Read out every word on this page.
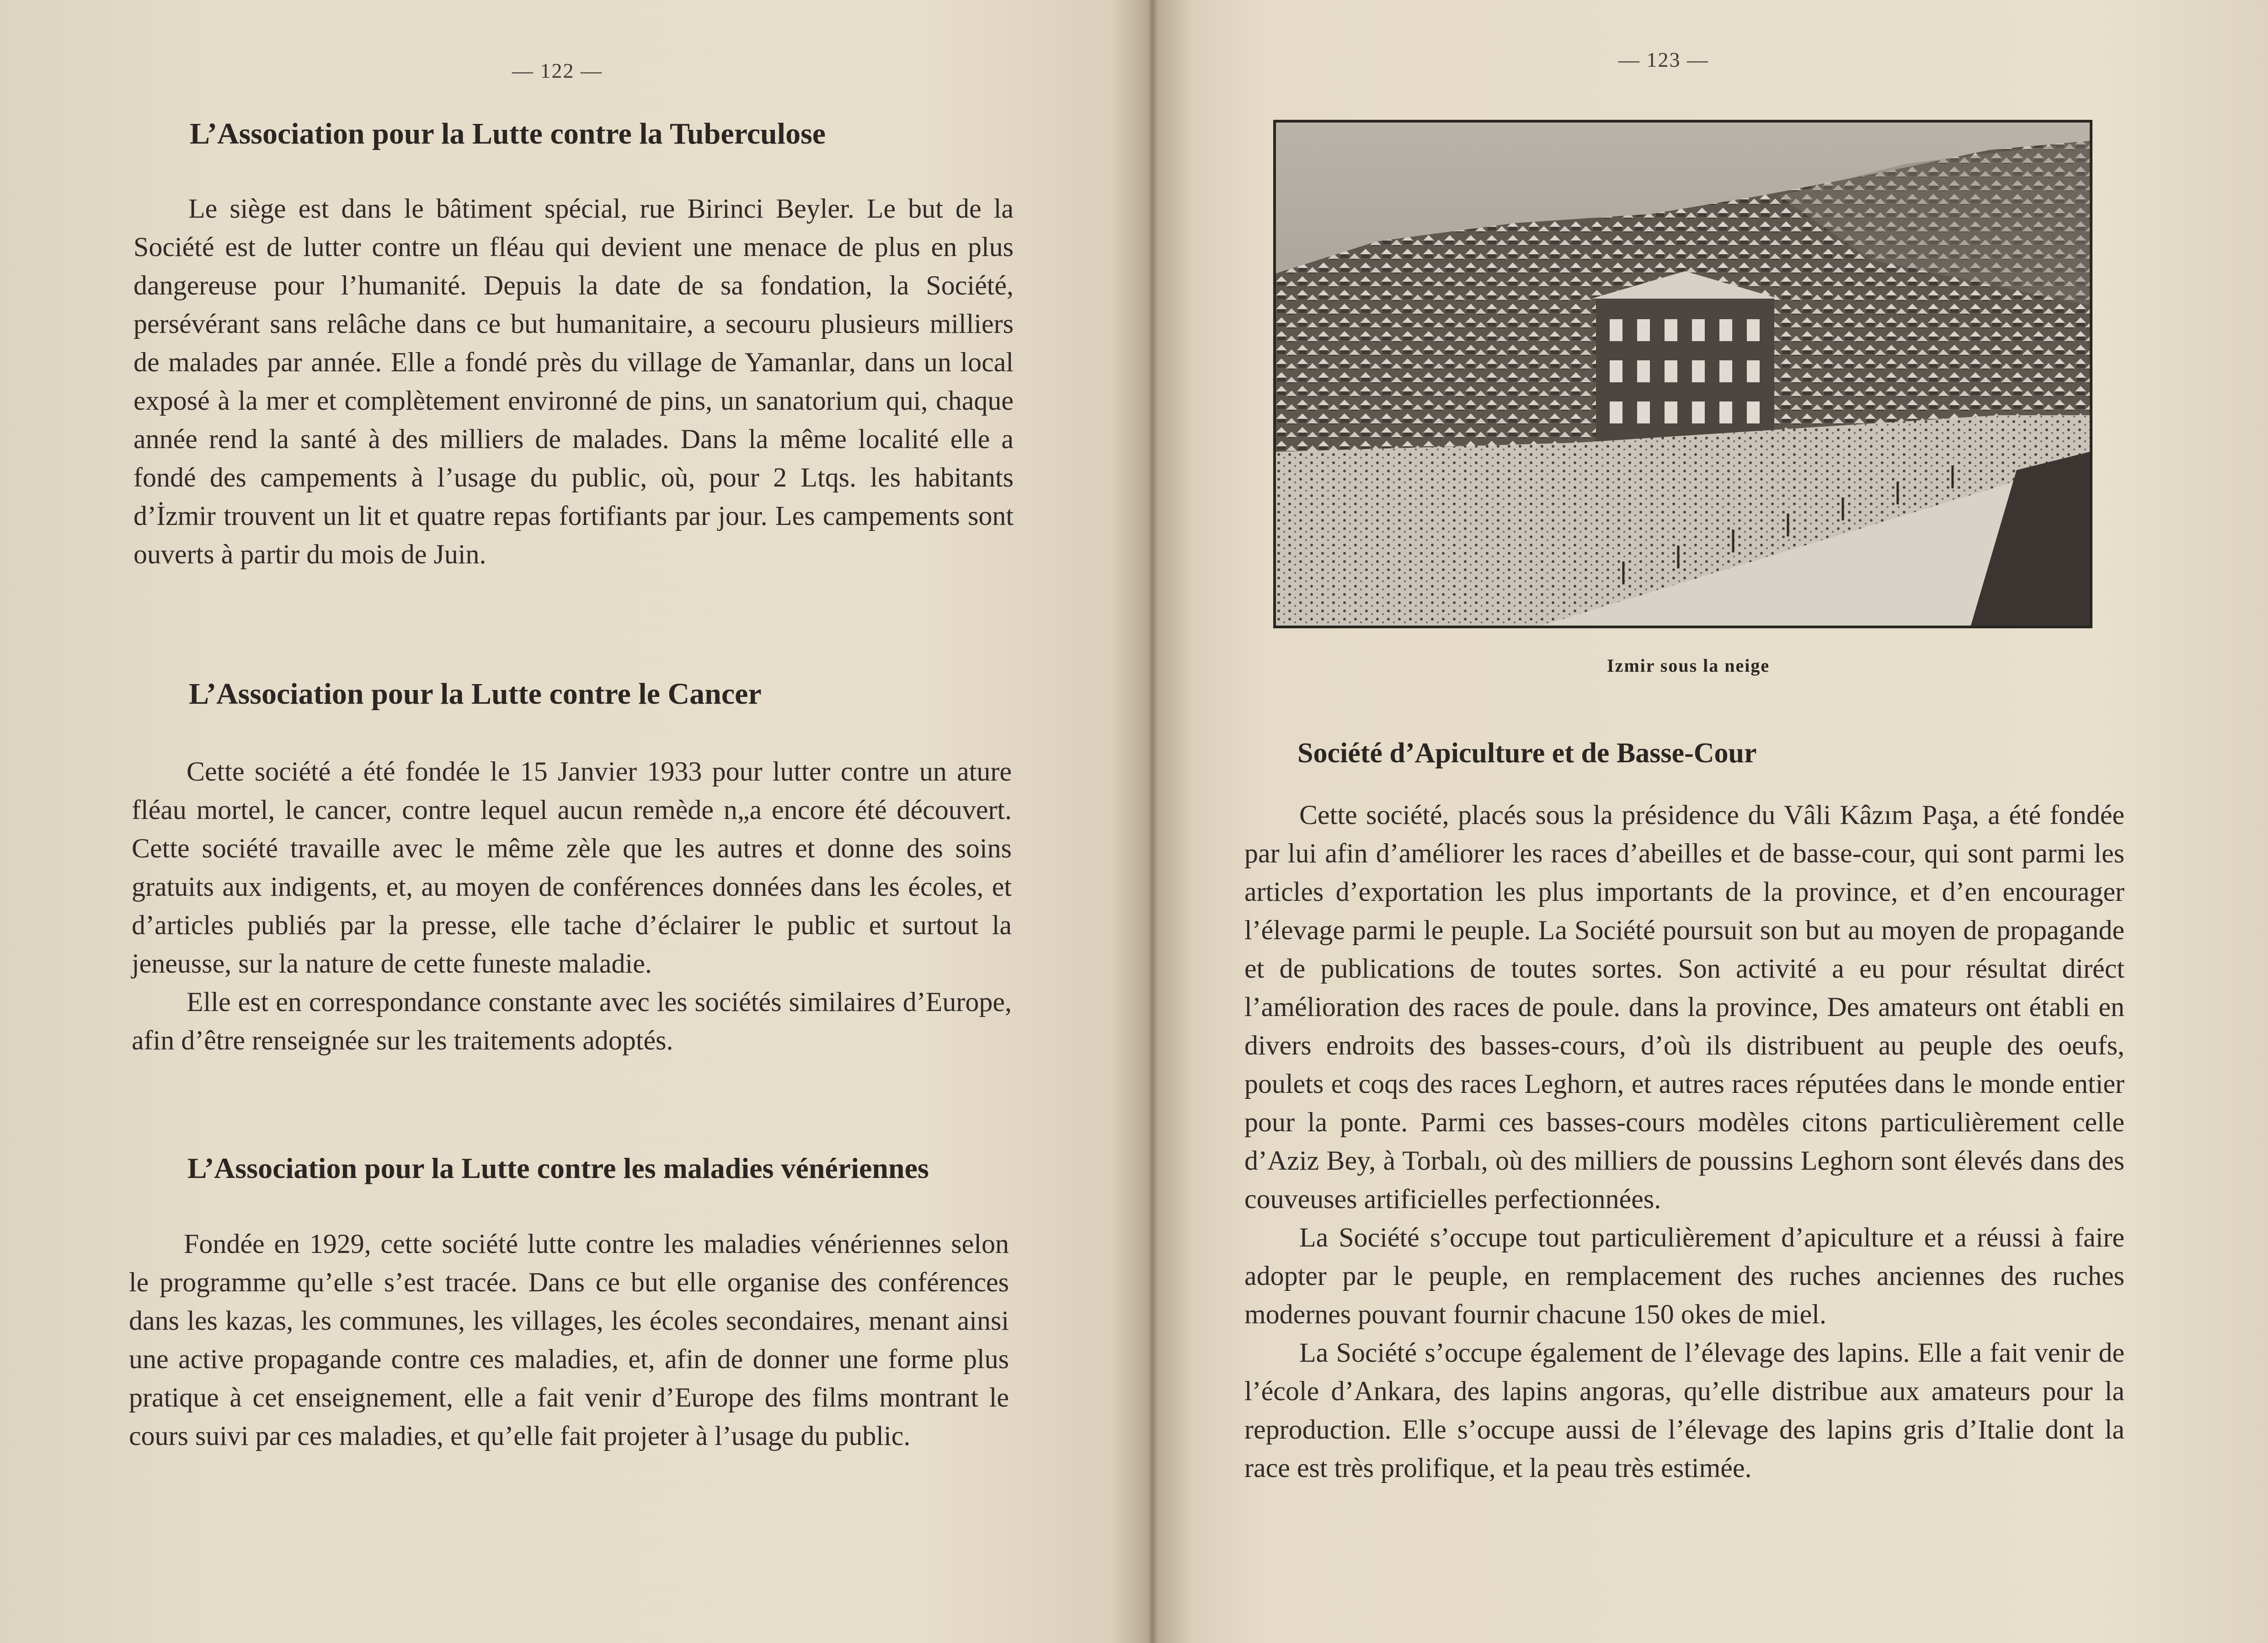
— 122 —
L’Association pour la Lutte contre la Tuberculose

Le siège est dans le bâtiment spécial, rue Birinci Beyler. Le but de la Société est de lutter contre un fléau qui devient une menace de plus en plus dangereuse pour l’humanité. Depuis la date de sa fondation, la Société, persévérant sans relâche dans ce but humanitaire, a secouru plusieurs milliers de malades par année. Elle a fondé près du village de Yamanlar, dans un local exposé à la mer et complètement environné de pins, un sanatorium qui, chaque année rend la santé à des milliers de malades. Dans la même localité elle a fondé des campements à l’usage du public, où, pour 2 Ltqs. les habitants d’İzmir trouvent un lit et quatre repas fortifiants par jour. Les campements sont ouverts à partir du mois de Juin.

L’Association pour la Lutte contre le Cancer

Cette société a été fondée le 15 Janvier 1933 pour lutter contre un ature fléau mortel, le cancer, contre lequel aucun remède n„a encore été découvert. Cette société travaille avec le même zèle que les autres et donne des soins gratuits aux indigents, et, au moyen de conférences données dans les écoles, et d’articles publiés par la presse, elle tache d’éclairer le public et surtout la jeneusse, sur la nature de cette funeste maladie.

Elle est en correspondance constante avec les sociétés similaires d’Europe, afin d’être renseignée sur les traitements adoptés.

L’Association pour la Lutte contre les maladies vénériennes

Fondée en 1929, cette société lutte contre les maladies vénériennes selon le programme qu’elle s’est tracée. Dans ce but elle organise des conférences dans les kazas, les communes, les villages, les écoles secondaires, menant ainsi une active propagande contre ces maladies, et, afin de donner une forme plus pratique à cet enseignement, elle a fait venir d’Europe des films montrant le cours suivi par ces maladies, et qu’elle fait projeter à l’usage du public.

— 123 —
Izmir sous la neige
Société d’Apiculture et de Basse-Cour

Cette société, placés sous la présidence du Vâli Kâzım Paşa, a été fondée par lui afin d’améliorer les races d’abeilles et de basse-cour, qui sont parmi les articles d’exportation les plus importants de la province, et d’en encourager l’élevage parmi le peuple. La Société poursuit son but au moyen de propagande et de publications de toutes sortes. Son activité a eu pour résultat diréct l’amélioration des races de poule. dans la province, Des amateurs ont établi en divers endroits des basses-cours, d’où ils distribuent au peuple des oeufs, poulets et coqs des races Leghorn, et autres races réputées dans le monde entier pour la ponte. Parmi ces basses-cours modèles citons particulièrement celle d’Aziz Bey, à Torbalı, où des milliers de poussins Leghorn sont élevés dans des couveuses artificielles perfectionnées.

La Société s’occupe tout particulièrement d’apiculture et a réussi à faire adopter par le peuple, en remplacement des ruches anciennes des ruches modernes pouvant fournir chacune 150 okes de miel.

La Société s’occupe également de l’élevage des lapins. Elle a fait venir de l’école d’Ankara, des lapins angoras, qu’elle distribue aux amateurs pour la reproduction. Elle s’occupe aussi de l’élevage des lapins gris d’Italie dont la race est très prolifique, et la peau très estimée.
